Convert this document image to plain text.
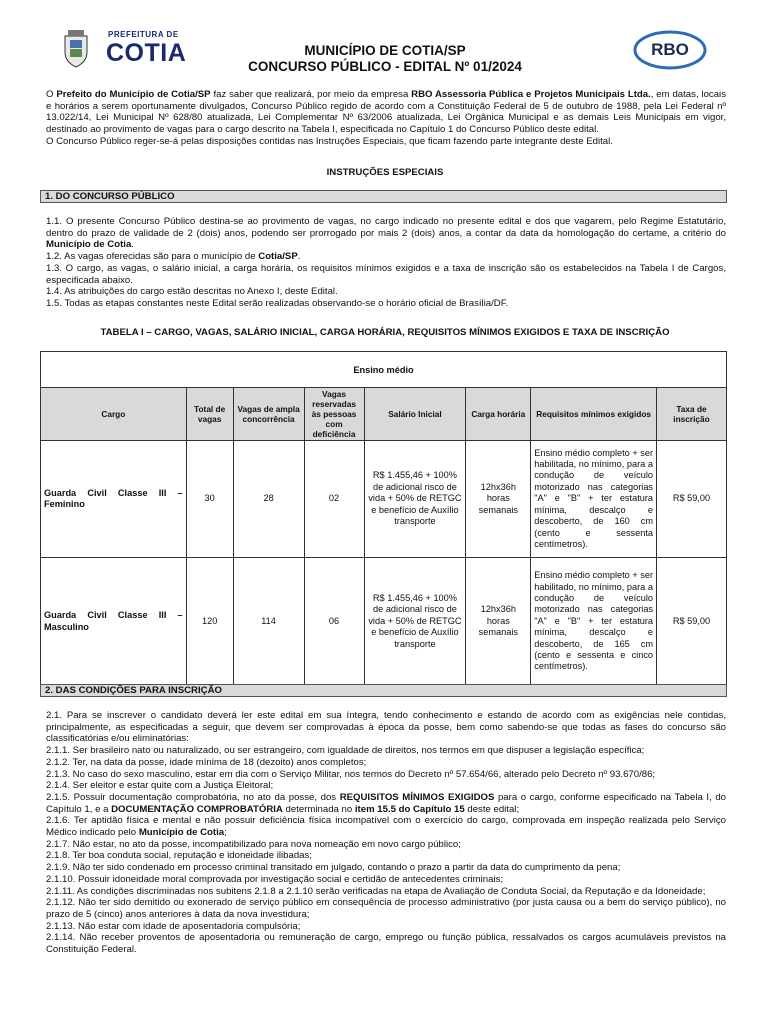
PREFEITURA DE
COTIA	RBO
MUNICÍPIO DE COTIA/SP
CONCURSO PÚBLICO - EDITAL Nº 01/2024
O Prefeito do Município de Cotia/SP faz saber que realizará, por meio da empresa RBO Assessoria Pública e Projetos Municipais Ltda., em datas, locais e horários a serem oportunamente divulgados, Concurso Público regido de acordo com a Constituição Federal de 5 de outubro de 1988, pela Lei Federal nº 13.022/14, Lei Municipal Nº 628/80 atualizada, Lei Complementar Nº 63/2006 atualizada, Lei Orgânica Municipal e as demais Leis Municipais em vigor, destinado ao provimento de vagas para o cargo descrito na Tabela I, especificada no Capítulo 1 do Concurso Público deste edital.
O Concurso Público reger-se-á pelas disposições contidas nas Instruções Especiais, que ficam fazendo parte integrante deste Edital.
INSTRUÇÕES ESPECIAIS
1. DO CONCURSO PÚBLICO
1.1. O presente Concurso Público destina-se ao provimento de vagas, no cargo indicado no presente edital e dos que vagarem, pelo Regime Estatutário, dentro do prazo de validade de 2 (dois) anos, podendo ser prorrogado por mais 2 (dois) anos, a contar da data da homologação do certame, a critério do Município de Cotia.
1.2. As vagas oferecidas são para o município de Cotia/SP.
1.3. O cargo, as vagas, o salário inicial, a carga horária, os requisitos mínimos exigidos e a taxa de inscrição são os estabelecidos na Tabela I de Cargos, especificada abaixo.
1.4. As atribuições do cargo estão descritas no Anexo I, deste Edital.
1.5. Todas as etapas constantes neste Edital serão realizadas observando-se o horário oficial de Brasília/DF.
TABELA I – CARGO, VAGAS, SALÁRIO INICIAL, CARGA HORÁRIA, REQUISITOS MÍNIMOS EXIGIDOS E TAXA DE INSCRIÇÃO
Ensino médio							
Cargo	Total de vagas	Vagas de ampla concorrência	Vagas reservadas às pessoas com deficiência	Salário Inicial	Carga horária	Requisitos mínimos exigidos	Taxa de inscrição
Guarda Civil Classe III – Feminino	30	28	02	R$ 1.455,46 + 100% de adicional risco de vida + 50% de RETGC e benefício de Auxílio transporte	12hx36h horas semanais	Ensino médio completo + ser habilitada, no mínimo, para a condução de veículo motorizado nas categorias "A" e "B" + ter estatura mínima, descalço e descoberto, de 160 cm (cento e sessenta centímetros).	R$ 59,00
Guarda Civil Classe III – Masculino	120	114	06	R$ 1.455,46 + 100% de adicional risco de vida + 50% de RETGC e benefício de Auxílio transporte	12hx36h horas semanais	Ensino médio completo + ser habilitado, no mínimo, para a condução de veículo motorizado nas categorias "A" e "B" + ter estatura mínima, descalço e descoberto, de 165 cm (cento e sessenta e cinco centímetros).	R$ 59,00
2. DAS CONDIÇÕES PARA INSCRIÇÃO
2.1. Para se inscrever o candidato deverá ler este edital em sua íntegra, tendo conhecimento e estando de acordo com as exigências nele contidas, principalmente, as especificadas a seguir, que devem ser comprovadas à época da posse, bem como sabendo-se que todas as fases do concurso são classificatórias e/ou eliminatórias:
2.1.1. Ser brasileiro nato ou naturalizado, ou ser estrangeiro, com igualdade de direitos, nos termos em que dispuser a legislação específica;
2.1.2. Ter, na data da posse, idade mínima de 18 (dezoito) anos completos;
2.1.3. No caso do sexo masculino, estar em dia com o Serviço Militar, nos termos do Decreto nº 57.654/66, alterado pelo Decreto nº 93.670/86;
2.1.4. Ser eleitor e estar quite com a Justiça Eleitoral;
2.1.5. Possuir documentação comprobatória, no ato da posse, dos REQUISITOS MÍNIMOS EXIGIDOS para o cargo, conforme especificado na Tabela I, do Capítulo 1, e a DOCUMENTAÇÃO COMPROBATÓRIA determinada no item 15.5 do Capítulo 15 deste edital;
2.1.6. Ter aptidão física e mental e não possuir deficiência física incompatível com o exercício do cargo, comprovada em inspeção realizada pelo Serviço Médico indicado pelo Município de Cotia;
2.1.7. Não estar, no ato da posse, incompatibilizado para nova nomeação em novo cargo público;
2.1.8. Ter boa conduta social, reputação e idoneidade ilibadas;
2.1.9. Não ter sido condenado em processo criminal transitado em julgado, contando o prazo a partir da data do cumprimento da pena;
2.1.10. Possuir idoneidade moral comprovada por investigação social e certidão de antecedentes criminais;
2.1.11. As condições discriminadas nos subitens 2.1.8 a 2.1.10 serão verificadas na etapa de Avaliação de Conduta Social, da Reputação e da Idoneidade;
2.1.12. Não ter sido demitido ou exonerado de serviço público em consequência de processo administrativo (por justa causa ou a bem do serviço público), no prazo de 5 (cinco) anos anteriores à data da nova investidura;
2.1.13. Não estar com idade de aposentadoria compulsória;
2.1.14. Não receber proventos de aposentadoria ou remuneração de cargo, emprego ou função pública, ressalvados os cargos acumuláveis previstos na Constituição Federal.
